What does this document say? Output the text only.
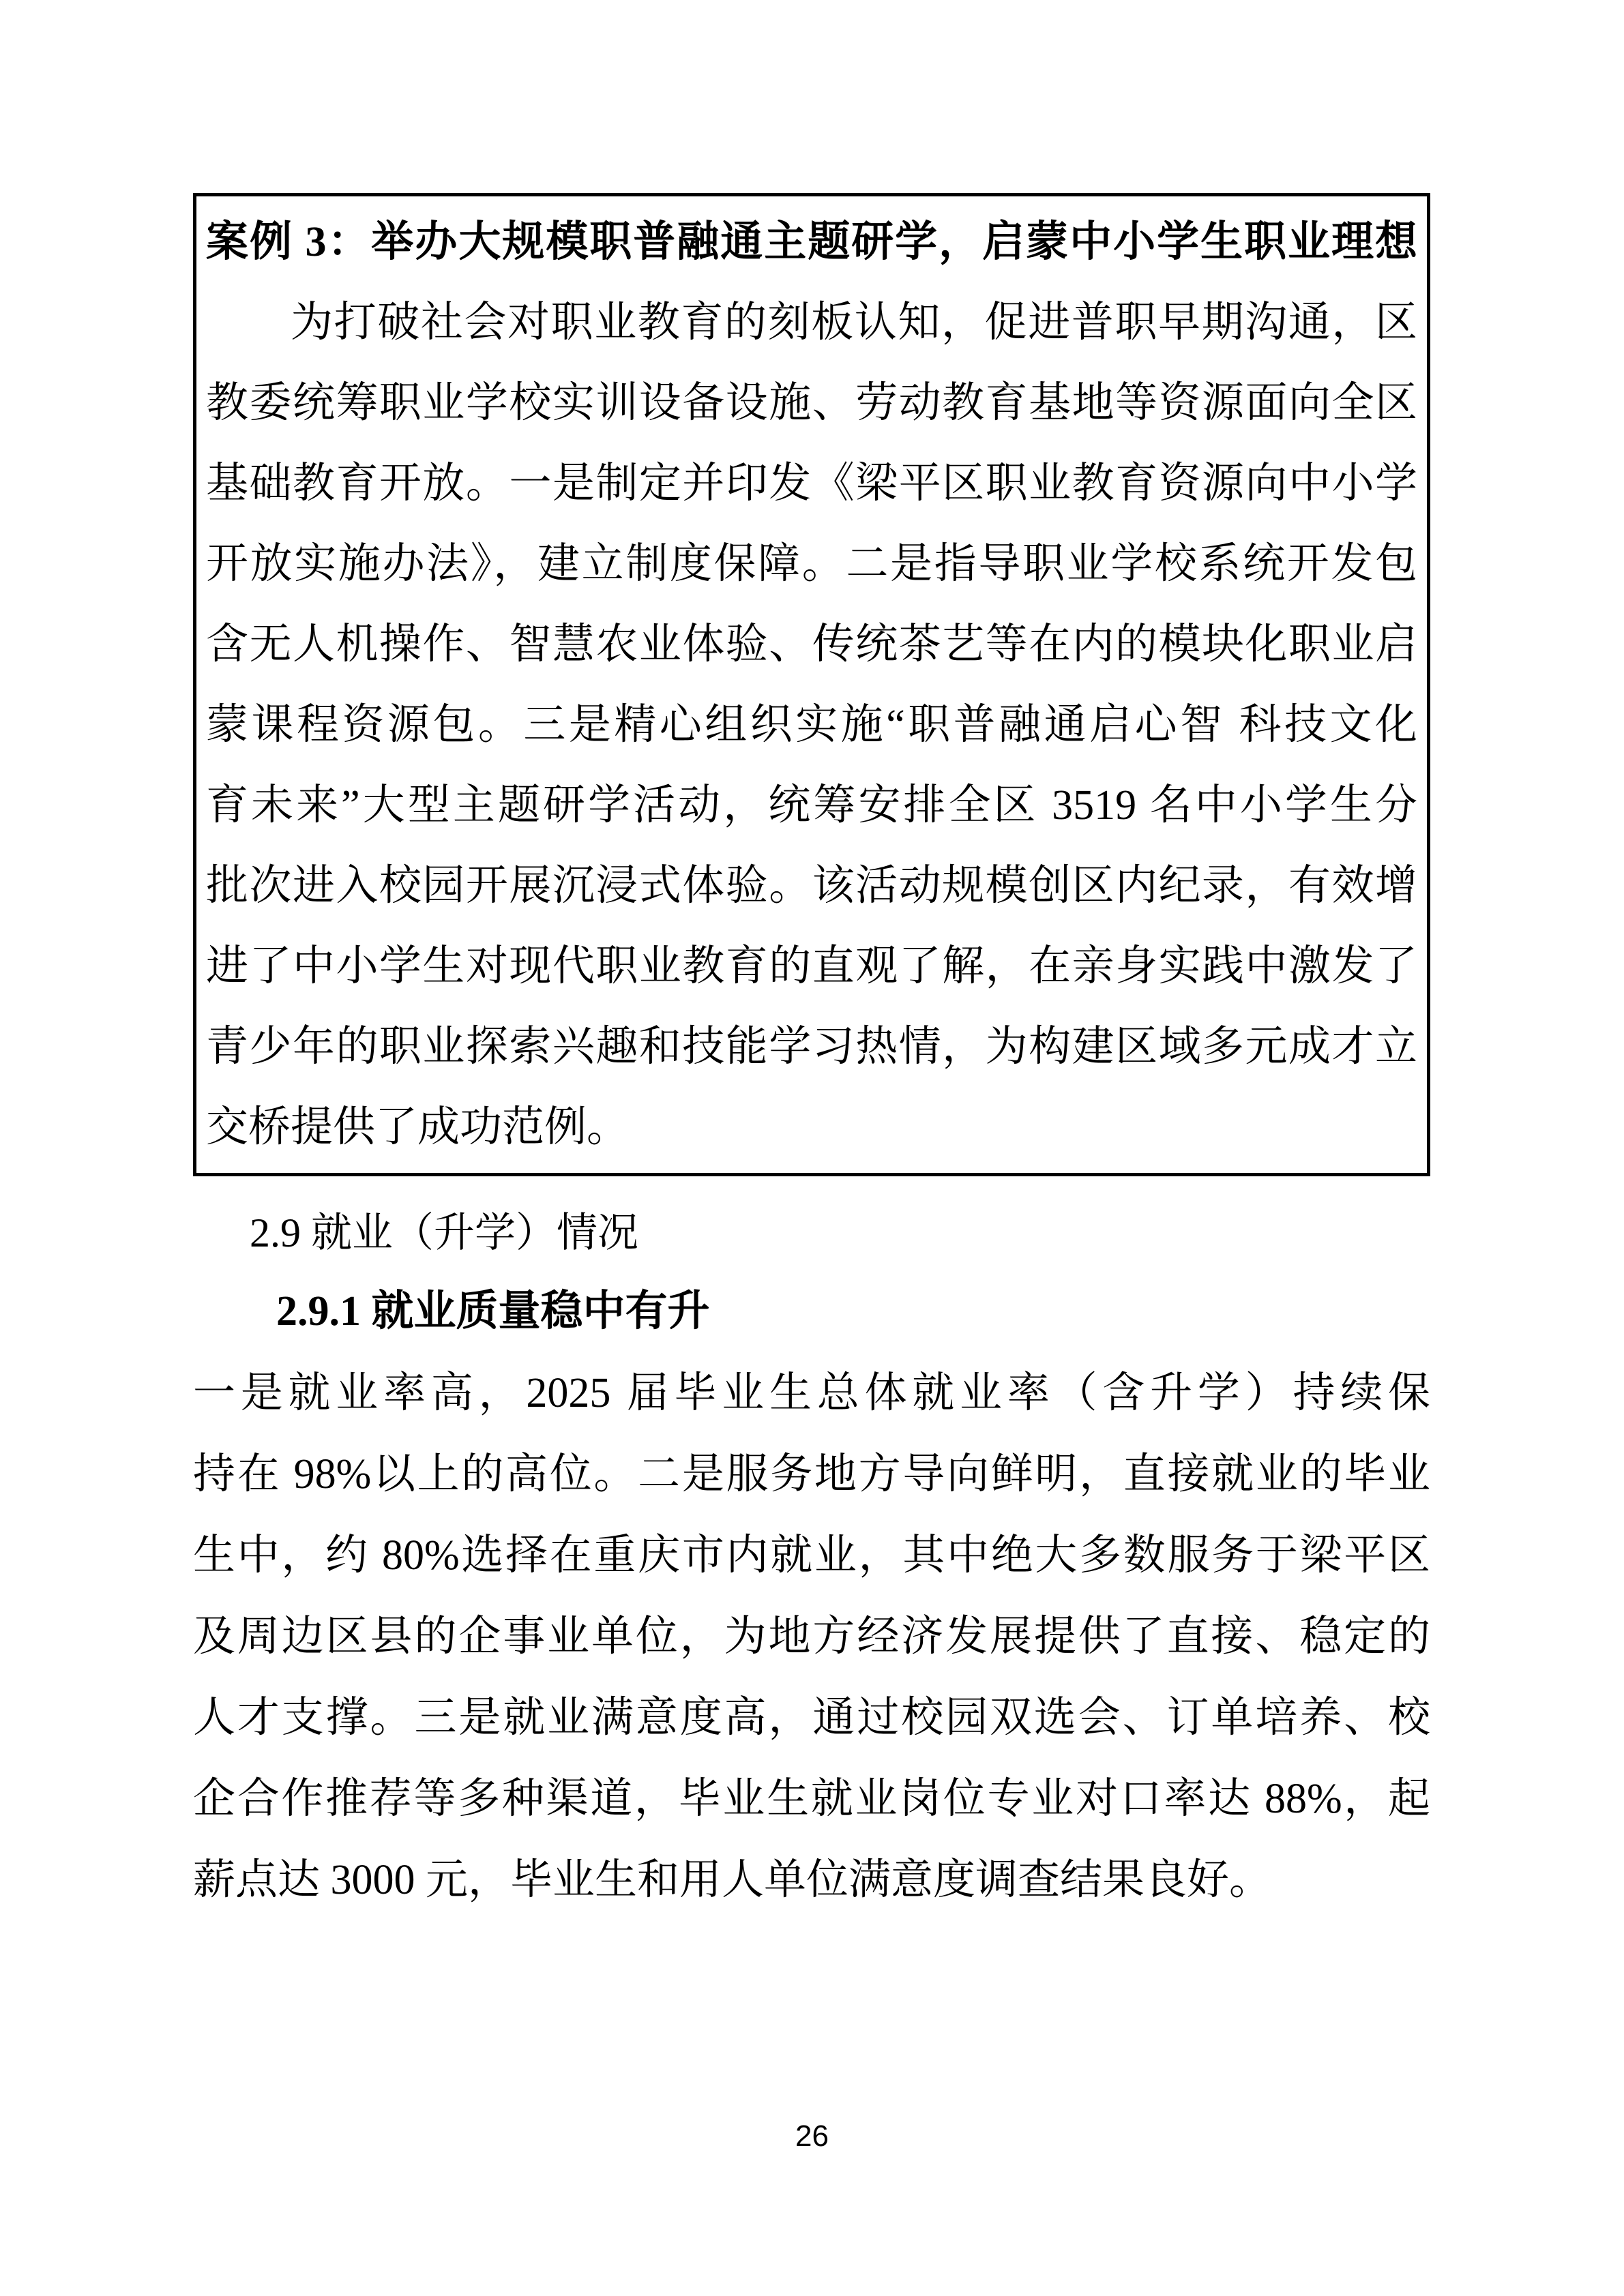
案例 3：举办大规模职普融通主题研学，启蒙中小学生职业理想
为打破社会对职业教育的刻板认知，促进普职早期沟通，区
教委统筹职业学校实训设备设施、劳动教育基地等资源面向全区
基础教育开放。一是制定并印发《梁平区职业教育资源向中小学
开放实施办法》，建立制度保障。二是指导职业学校系统开发包
含无人机操作、智慧农业体验、传统茶艺等在内的模块化职业启
蒙课程资源包。三是精心组织实施“职普融通启心智 科技文化
育未来”大型主题研学活动，统筹安排全区 3519 名中小学生分
批次进入校园开展沉浸式体验。该活动规模创区内纪录，有效增
进了中小学生对现代职业教育的直观了解，在亲身实践中激发了
青少年的职业探索兴趣和技能学习热情，为构建区域多元成才立
交桥提供了成功范例。
2.9 就业（升学）情况
2.9.1 就业质量稳中有升
一是就业率高，2025 届毕业生总体就业率（含升学）持续保
持在 98%以上的高位。二是服务地方导向鲜明，直接就业的毕业
生中，约 80%选择在重庆市内就业，其中绝大多数服务于梁平区
及周边区县的企事业单位，为地方经济发展提供了直接、稳定的
人才支撑。三是就业满意度高，通过校园双选会、订单培养、校
企合作推荐等多种渠道，毕业生就业岗位专业对口率达 88%，起
薪点达 3000 元，毕业生和用人单位满意度调查结果良好。
26
